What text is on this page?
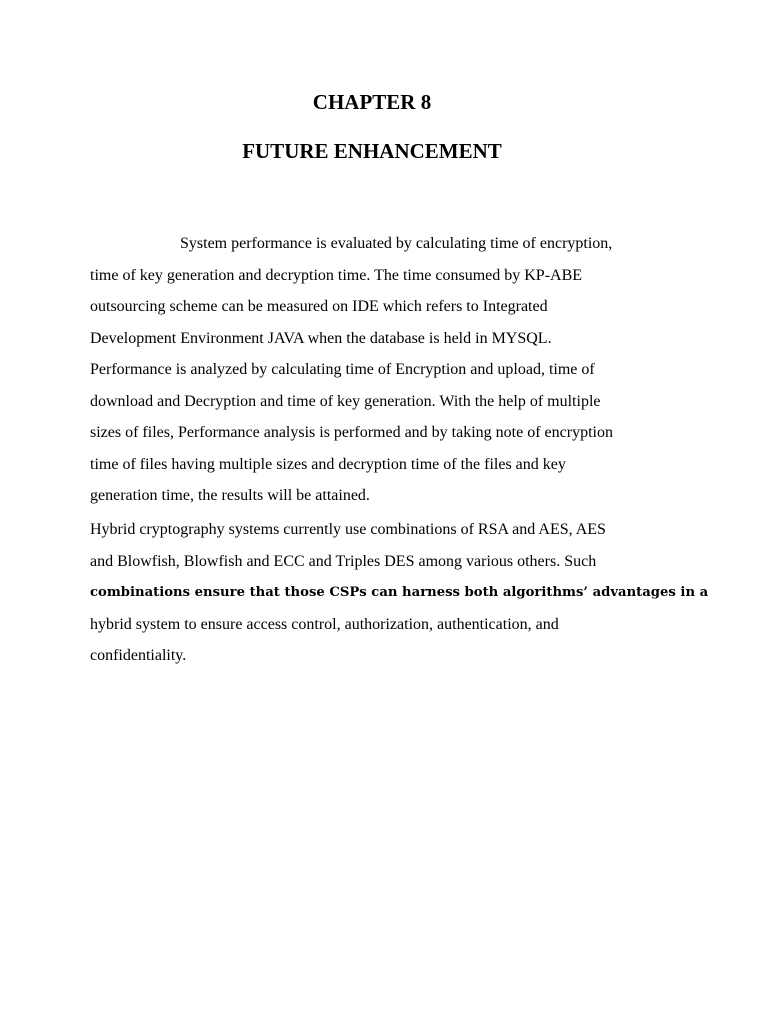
CHAPTER 8
FUTURE ENHANCEMENT
System performance is evaluated by calculating time of encryption,
time of key generation and decryption time. The time consumed by KP-ABE
outsourcing scheme can be measured on IDE which refers to Integrated
Development Environment JAVA when the database is held in MYSQL.
Performance is analyzed by calculating time of Encryption and upload, time of
download and Decryption and time of key generation. With the help of multiple
sizes of files, Performance analysis is performed and by taking note of encryption
time of files having multiple sizes and decryption time of the files and key
generation time, the results will be attained.
Hybrid cryptography systems currently use combinations of RSA and AES, AES
and Blowfish, Blowfish and ECC and Triples DES among various others. Such
combinations ensure that those CSPs can harness both algorithms’ advantages in a
hybrid system to ensure access control, authorization, authentication, and
confidentiality.
